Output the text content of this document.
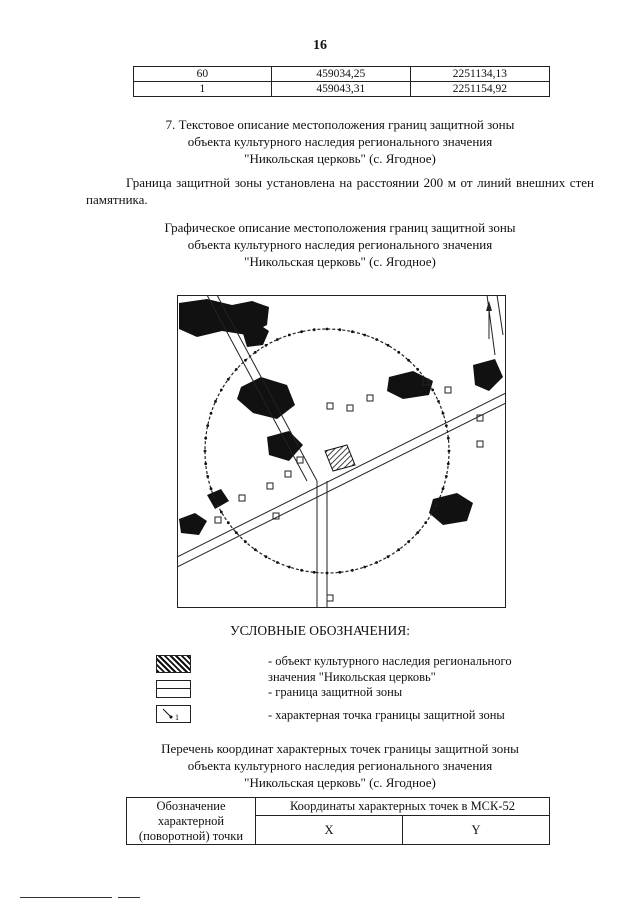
16
60	459034,25	2251134,13
1	459043,31	2251154,92
7. Текстовое описание местоположения границ защитной зоны
объекта культурного наследия регионального значения
"Никольская церковь" (с. Ягодное)
Граница защитной зоны установлена на расстоянии 200 м от линий внешних стен памятника.
Графическое описание местоположения границ защитной зоны
объекта культурного наследия регионального значения
"Никольская церковь" (с. Ягодное)
УСЛОВНЫЕ ОБОЗНАЧЕНИЯ:
- объект культурного наследия регионального
значения "Никольская церковь"
- граница защитной зоны
1	- характерная точка границы защитной зоны
Перечень координат характерных точек границы защитной зоны
объекта культурного наследия регионального значения
"Никольская церковь" (с. Ягодное)
Обозначение
характерной
(поворотной) точки	Координаты характерных точек в МСК-52	
	X	Y
